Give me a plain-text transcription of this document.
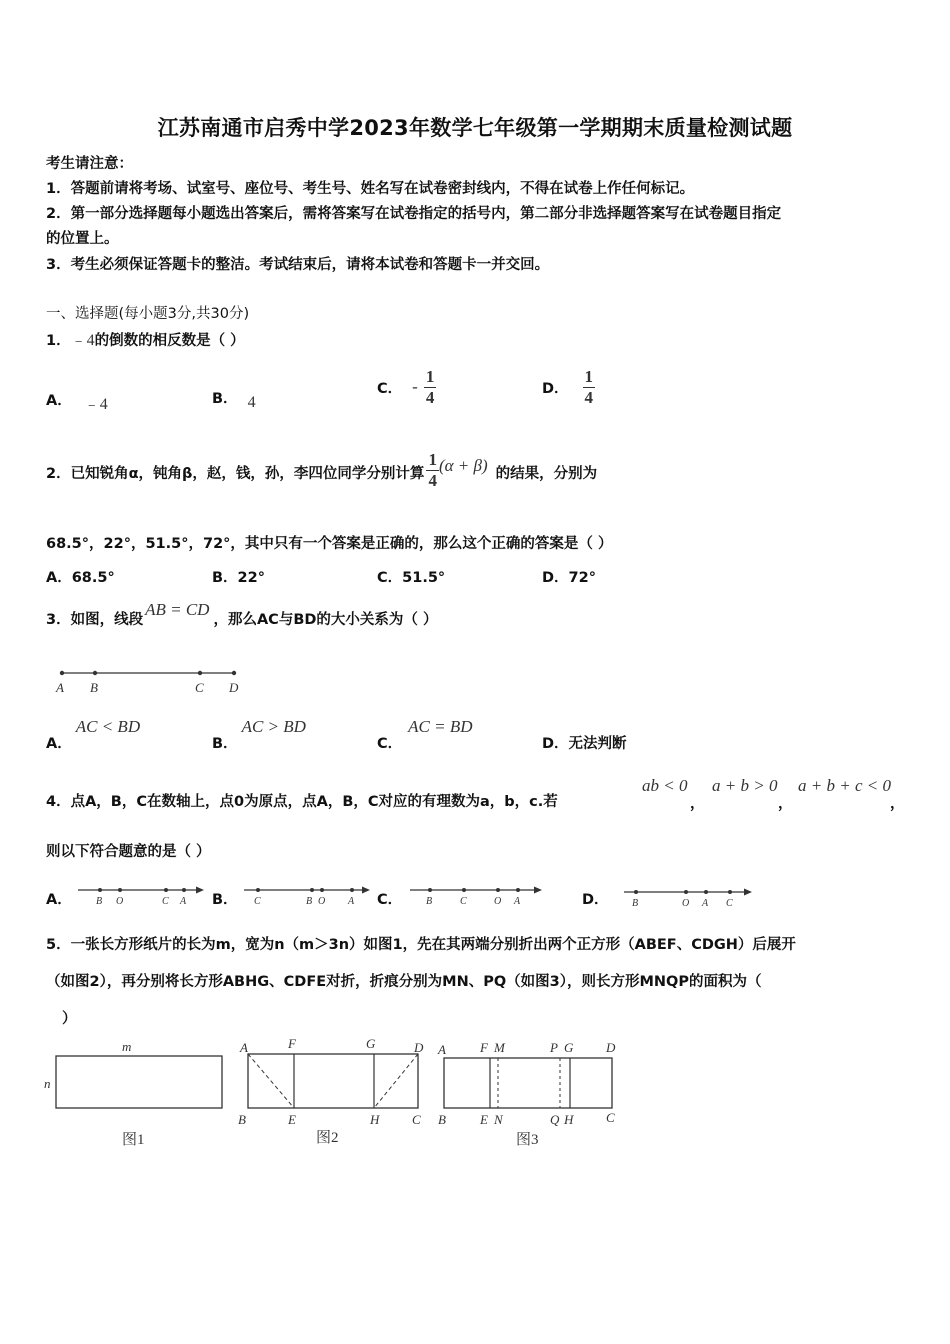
江苏南通市启秀中学2023年数学七年级第一学期期末质量检测试题
考生请注意：
1．答题前请将考场、试室号、座位号、考生号、姓名写在试卷密封线内，不得在试卷上作任何标记。
2．第一部分选择题每小题选出答案后，需将答案写在试卷指定的括号内，第二部分非选择题答案写在试卷题目指定
的位置上。
3．考生必须保证答题卡的整洁。考试结束后，请将本试卷和答题卡一并交回。
一、选择题(每小题3分,共30分)
1．﹣4的倒数的相反数是（ ）
A． ﹣4	B． 4
C． - $\frac{1}{4}$	D． $\frac{1}{4}$
2．已知锐角α，钝角β，赵，钱，孙，李四位同学分别计算 $\frac{1}{4} (\alpha + \beta)$ 的结果，分别为
68.5°，22°，51.5°，72°，其中只有一个答案是正确的，那么这个正确的答案是（ ）
A．68.5°	B．22°	C．51.5°	D．72°
3．如图，线段
AB = CD
，那么AC与BD的大小关系为（ ）
A B	C D
A．AC < BD
B．AC > BD
C．AC = BD
D．无法判断
4．点A，B，C在数轴上，点0为原点，点A，B，C对应的有理数为a，b，c.若
ab < 0
，
a + b > 0
，
a + b + c < 0
，
则以下符合题意的是（ ）
A． B O	C A B． C	B O A C． B	C	O A	D． B	O A C
5．一张长方形纸片的长为m，宽为n（m＞3n）如图1，先在其两端分别折出两个正方形（ABEF、CDGH）后展开
（如图2），再分别将长方形ABHG、CDFE对折，折痕分别为MN、PQ（如图3），则长方形MNQP的面积为（
）
m
n
图1
A	F	G	D
B	E	H	C
图2
A	F M	P G	D
B	E N	Q H	C
图3
